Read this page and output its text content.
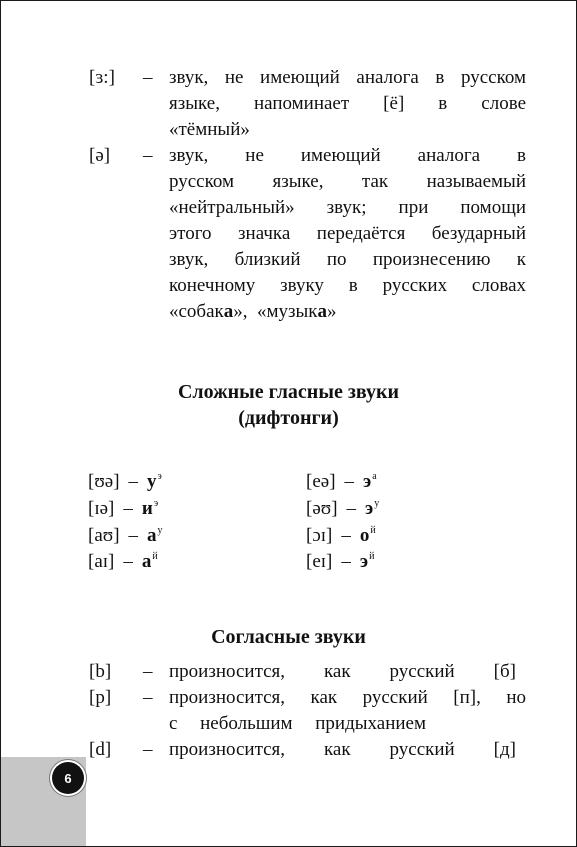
6
[ɜ:] – звук, не имеющий аналога в русском
языке, напоминает [ё] в слове
«тёмный»
[ə] – звук, не имеющий аналога в
русском языке, так называемый
«нейтральный» звук; при помощи
этого значка передаётся безударный
звук, близкий по произнесению к
конечному звуку в русских словах
«собака», «музыка»
Сложные гласные звуки
(дифтонги)
[ʊə] – $у^э$
[ɪə] – $и^э$
[aʊ] – $а^у$
[aɪ] – $а^й$
[eə] – $э^а$
[əʊ] – $э^у$
[ɔɪ] – $о^й$
[eɪ] – $э^й$
Согласные звуки
[b] – произносится, как русский [б]
[p] – произносится, как русский [п], но
с небольшим придыханием
[d] – произносится, как русский [д]
